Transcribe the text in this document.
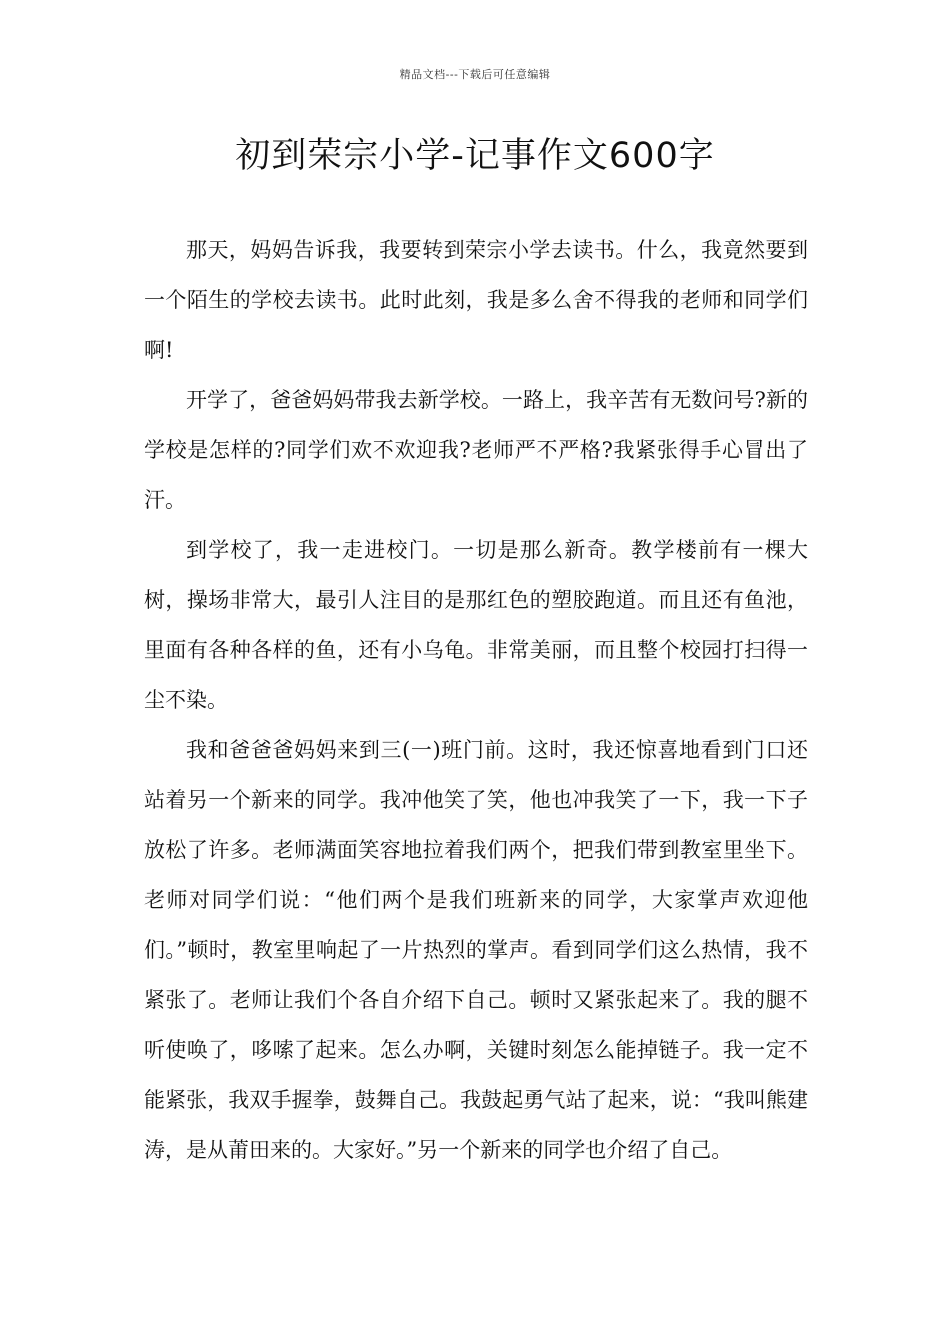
精品文档---下载后可任意编辑
初到荣宗小学-记事作文600字

那天，妈妈告诉我，我要转到荣宗小学去读书。什么，我竟然要到一个陌生的学校去读书。此时此刻，我是多么舍不得我的老师和同学们啊!

开学了，爸爸妈妈带我去新学校。一路上，我辛苦有无数问号?新的学校是怎样的?同学们欢不欢迎我?老师严不严格?我紧张得手心冒出了汗。

到学校了，我一走进校门。一切是那么新奇。教学楼前有一棵大树，操场非常大，最引人注目的是那红色的塑胶跑道。而且还有鱼池，里面有各种各样的鱼，还有小乌龟。非常美丽，而且整个校园打扫得一尘不染。

我和爸爸爸妈妈来到三(一)班门前。这时，我还惊喜地看到门口还站着另一个新来的同学。我冲他笑了笑，他也冲我笑了一下，我一下子放松了许多。老师满面笑容地拉着我们两个，把我们带到教室里坐下。老师对同学们说：“他们两个是我们班新来的同学，大家掌声欢迎他们。”顿时，教室里响起了一片热烈的掌声。看到同学们这么热情，我不紧张了。老师让我们个各自介绍下自己。顿时又紧张起来了。我的腿不听使唤了，哆嗦了起来。怎么办啊，关键时刻怎么能掉链子。我一定不能紧张，我双手握拳，鼓舞自己。我鼓起勇气站了起来，说：“我叫熊建涛，是从莆田来的。大家好。”另一个新来的同学也介绍了自己。
